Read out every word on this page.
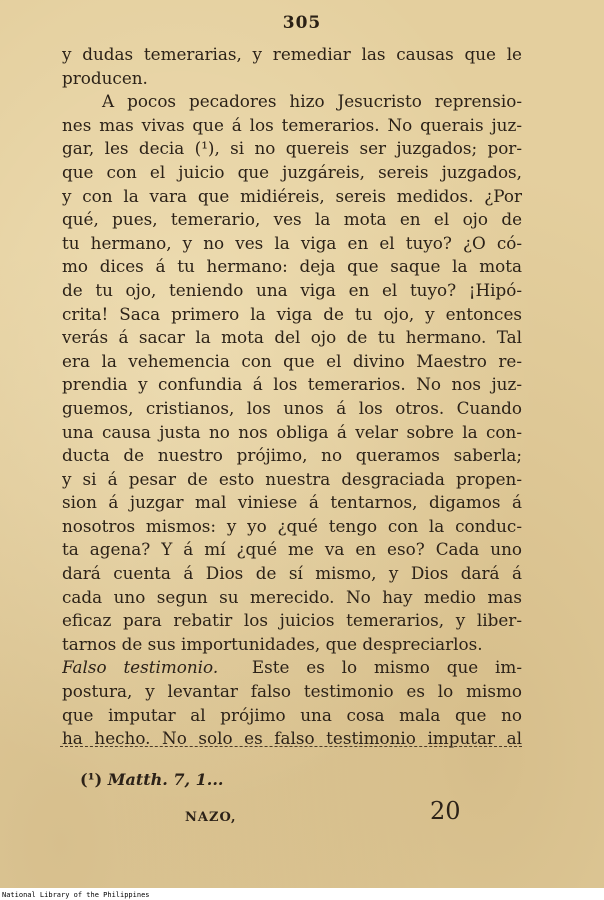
305
y dudas temerarias, y remediar las causas que le
producen.
A pocos pecadores hizo Jesucristo reprensio-
nes mas vivas que á los temerarios. No querais juz-
gar, les decia (¹), si no quereis ser juzgados; por-
que con el juicio que juzgáreis, sereis juzgados,
y con la vara que midiéreis, sereis medidos. ¿Por
qué, pues, temerario, ves la mota en el ojo de
tu hermano, y no ves la viga en el tuyo? ¿O có-
mo dices á tu hermano: deja que saque la mota
de tu ojo, teniendo una viga en el tuyo? ¡Hipó-
crita! Saca primero la viga de tu ojo, y entonces
verás á sacar la mota del ojo de tu hermano. Tal
era la vehemencia con que el divino Maestro re-
prendia y confundia á los temerarios. No nos juz-
guemos, cristianos, los unos á los otros. Cuando
una causa justa no nos obliga á velar sobre la con-
ducta de nuestro prójimo, no queramos saberla;
y si á pesar de esto nuestra desgraciada propen-
sion á juzgar mal viniese á tentarnos, digamos á
nosotros mismos: y yo ¿qué tengo con la conduc-
ta agena? Y á mí ¿qué me va en eso? Cada uno
dará cuenta á Dios de sí mismo, y Dios dará á
cada uno segun su merecido. No hay medio mas
eficaz para rebatir los juicios temerarios, y liber-
tarnos de sus importunidades, que despreciarlos.
Falso testimonio. Este es lo mismo que im-
postura, y levantar falso testimonio es lo mismo
que imputar al prójimo una cosa mala que no
ha hecho. No solo es falso testimonio imputar al
(¹) Matth. 7, 1...
NAZO,	20
National Library of the Philippines
